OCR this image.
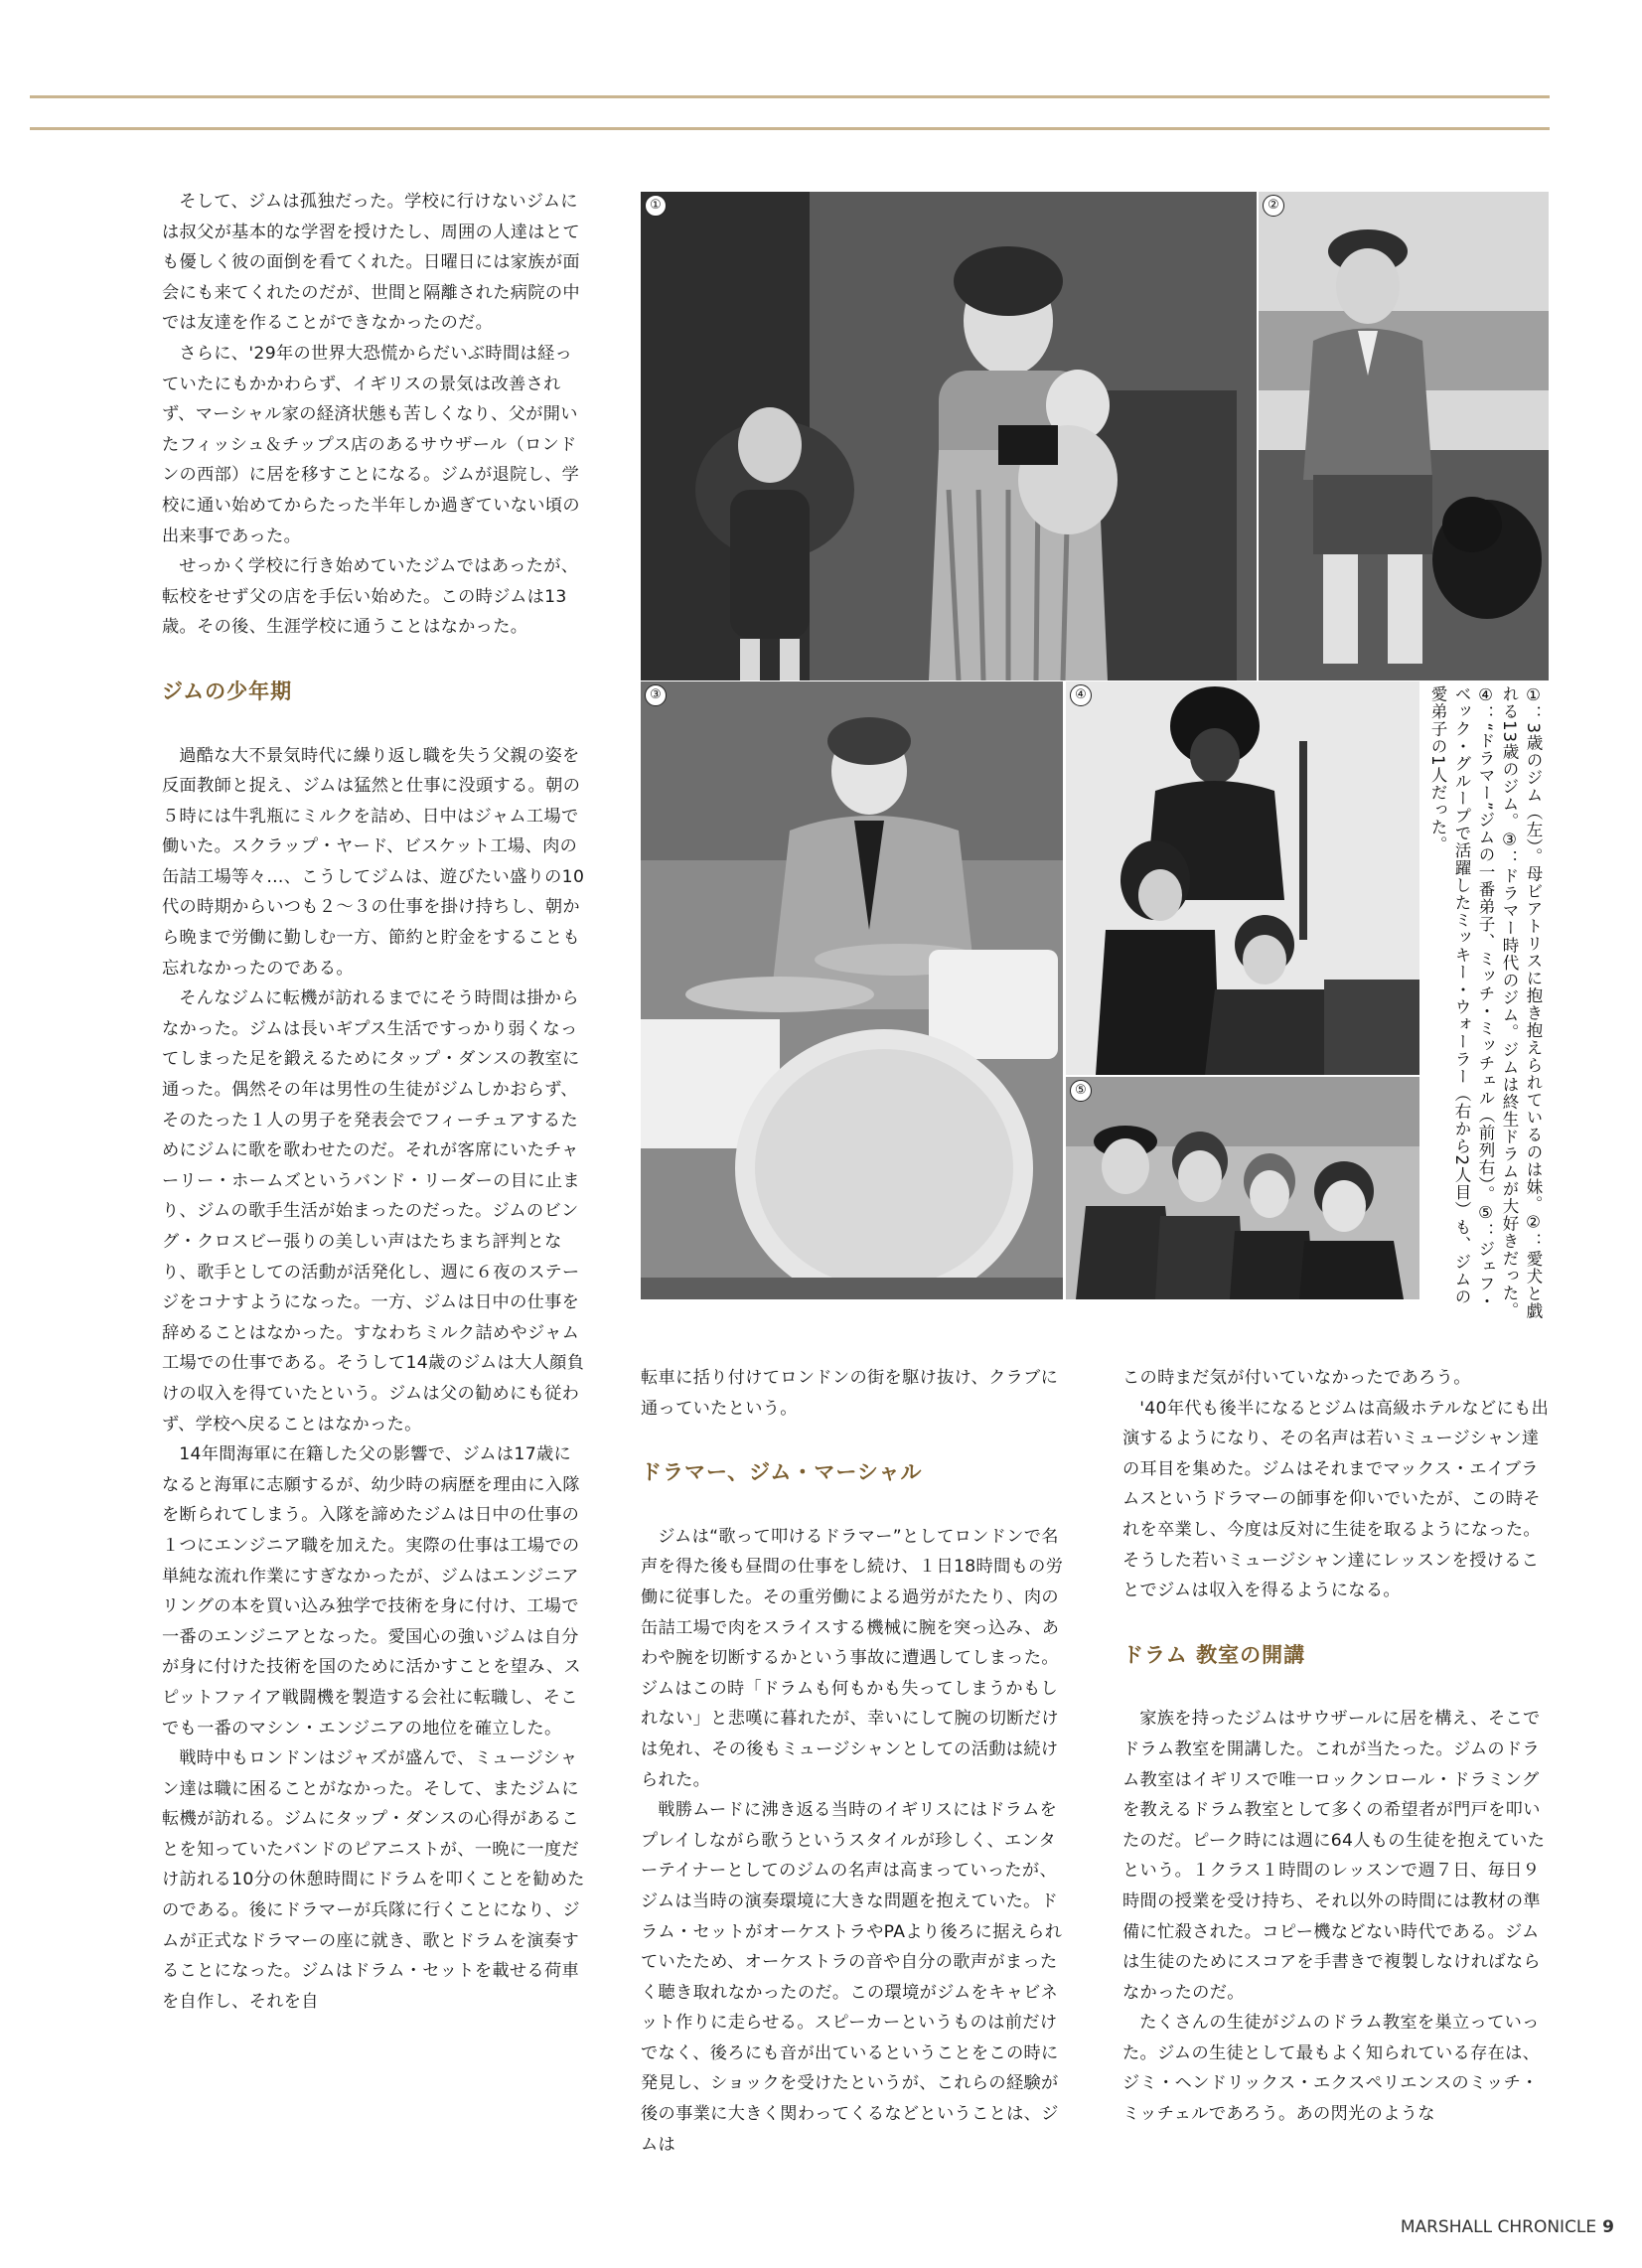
そして、ジムは孤独だった。学校に行けないジムには叔父が基本的な学習を授けたし、周囲の人達はとても優しく彼の面倒を看てくれた。日曜日には家族が面会にも来てくれたのだが、世間と隔離された病院の中では友達を作ることができなかったのだ。

さらに、'29年の世界大恐慌からだいぶ時間は経っていたにもかかわらず、イギリスの景気は改善されず、マーシャル家の経済状態も苦しくなり、父が開いたフィッシュ＆チップス店のあるサウザール（ロンドンの西部）に居を移すことになる。ジムが退院し、学校に通い始めてからたった半年しか過ぎていない頃の出来事であった。

せっかく学校に行き始めていたジムではあったが、転校をせず父の店を手伝い始めた。この時ジムは13歳。その後、生涯学校に通うことはなかった。

ジムの少年期

過酷な大不景気時代に繰り返し職を失う父親の姿を反面教師と捉え、ジムは猛然と仕事に没頭する。朝の５時には牛乳瓶にミルクを詰め、日中はジャム工場で働いた。スクラップ・ヤード、ビスケット工場、肉の缶詰工場等々…、こうしてジムは、遊びたい盛りの10代の時期からいつも２〜３の仕事を掛け持ちし、朝から晩まで労働に勤しむ一方、節約と貯金をすることも忘れなかったのである。

そんなジムに転機が訪れるまでにそう時間は掛からなかった。ジムは長いギプス生活ですっかり弱くなってしまった足を鍛えるためにタップ・ダンスの教室に通った。偶然その年は男性の生徒がジムしかおらず、そのたった１人の男子を発表会でフィーチュアするためにジムに歌を歌わせたのだ。それが客席にいたチャーリー・ホームズというバンド・リーダーの目に止まり、ジムの歌手生活が始まったのだった。ジムのビング・クロスビー張りの美しい声はたちまち評判となり、歌手としての活動が活発化し、週に６夜のステージをコナすようになった。一方、ジムは日中の仕事を辞めることはなかった。すなわちミルク詰めやジャム工場での仕事である。そうして14歳のジムは大人顔負けの収入を得ていたという。ジムは父の勧めにも従わず、学校へ戻ることはなかった。

14年間海軍に在籍した父の影響で、ジムは17歳になると海軍に志願するが、幼少時の病歴を理由に入隊を断られてしまう。入隊を諦めたジムは日中の仕事の１つにエンジニア職を加えた。実際の仕事は工場での単純な流れ作業にすぎなかったが、ジムはエンジニアリングの本を買い込み独学で技術を身に付け、工場で一番のエンジニアとなった。愛国心の強いジムは自分が身に付けた技術を国のために活かすことを望み、スピットファイア戦闘機を製造する会社に転職し、そこでも一番のマシン・エンジニアの地位を確立した。

戦時中もロンドンはジャズが盛んで、ミュージシャン達は職に困ることがなかった。そして、またジムに転機が訪れる。ジムにタップ・ダンスの心得があることを知っていたバンドのピアニストが、一晩に一度だけ訪れる10分の休憩時間にドラムを叩くことを勧めたのである。後にドラマーが兵隊に行くことになり、ジムが正式なドラマーの座に就き、歌とドラムを演奏することになった。ジムはドラム・セットを載せる荷車を自作し、それを自

①	②
③	④
⑤	①：3歳のジム（左）。母ビアトリスに抱き抱えられているのは妹。②：愛犬と戯れる13歳のジム。③：ドラマー時代のジム。ジムは終生ドラムが大好きだった。④：“ドラマー”ジムの一番弟子、ミッチ・ミッチェル（前列右）。⑤：ジェフ・ベック・グループで活躍したミッキー・ウォーラー（右から2人目）も、ジムの愛弟子の1人だった。

転車に括り付けてロンドンの街を駆け抜け、クラブに通っていたという。

ドラマー、ジム・マーシャル

ジムは“歌って叩けるドラマー”としてロンドンで名声を得た後も昼間の仕事をし続け、１日18時間もの労働に従事した。その重労働による過労がたたり、肉の缶詰工場で肉をスライスする機械に腕を突っ込み、あわや腕を切断するかという事故に遭遇してしまった。ジムはこの時「ドラムも何もかも失ってしまうかもしれない」と悲嘆に暮れたが、幸いにして腕の切断だけは免れ、その後もミュージシャンとしての活動は続けられた。

戦勝ムードに沸き返る当時のイギリスにはドラムをプレイしながら歌うというスタイルが珍しく、エンターテイナーとしてのジムの名声は高まっていったが、ジムは当時の演奏環境に大きな問題を抱えていた。ドラム・セットがオーケストラやPAより後ろに据えられていたため、オーケストラの音や自分の歌声がまったく聴き取れなかったのだ。この環境がジムをキャビネット作りに走らせる。スピーカーというものは前だけでなく、後ろにも音が出ているということをこの時に発見し、ショックを受けたというが、これらの経験が後の事業に大きく関わってくるなどということは、ジムは

この時まだ気が付いていなかったであろう。

'40年代も後半になるとジムは高級ホテルなどにも出演するようになり、その名声は若いミュージシャン達の耳目を集めた。ジムはそれまでマックス・エイブラムスというドラマーの師事を仰いでいたが、この時それを卒業し、今度は反対に生徒を取るようになった。そうした若いミュージシャン達にレッスンを授けることでジムは収入を得るようになる。

ドラム 教室の開講

家族を持ったジムはサウザールに居を構え、そこでドラム教室を開講した。これが当たった。ジムのドラム教室はイギリスで唯一ロックンロール・ドラミングを教えるドラム教室として多くの希望者が門戸を叩いたのだ。ピーク時には週に64人もの生徒を抱えていたという。１クラス１時間のレッスンで週７日、毎日９時間の授業を受け持ち、それ以外の時間には教材の準備に忙殺された。コピー機などない時代である。ジムは生徒のためにスコアを手書きで複製しなければならなかったのだ。

たくさんの生徒がジムのドラム教室を巣立っていった。ジムの生徒として最もよく知られている存在は、ジミ・ヘンドリックス・エクスペリエンスのミッチ・ミッチェルであろう。あの閃光のような

MARSHALL CHRONICLE 9
